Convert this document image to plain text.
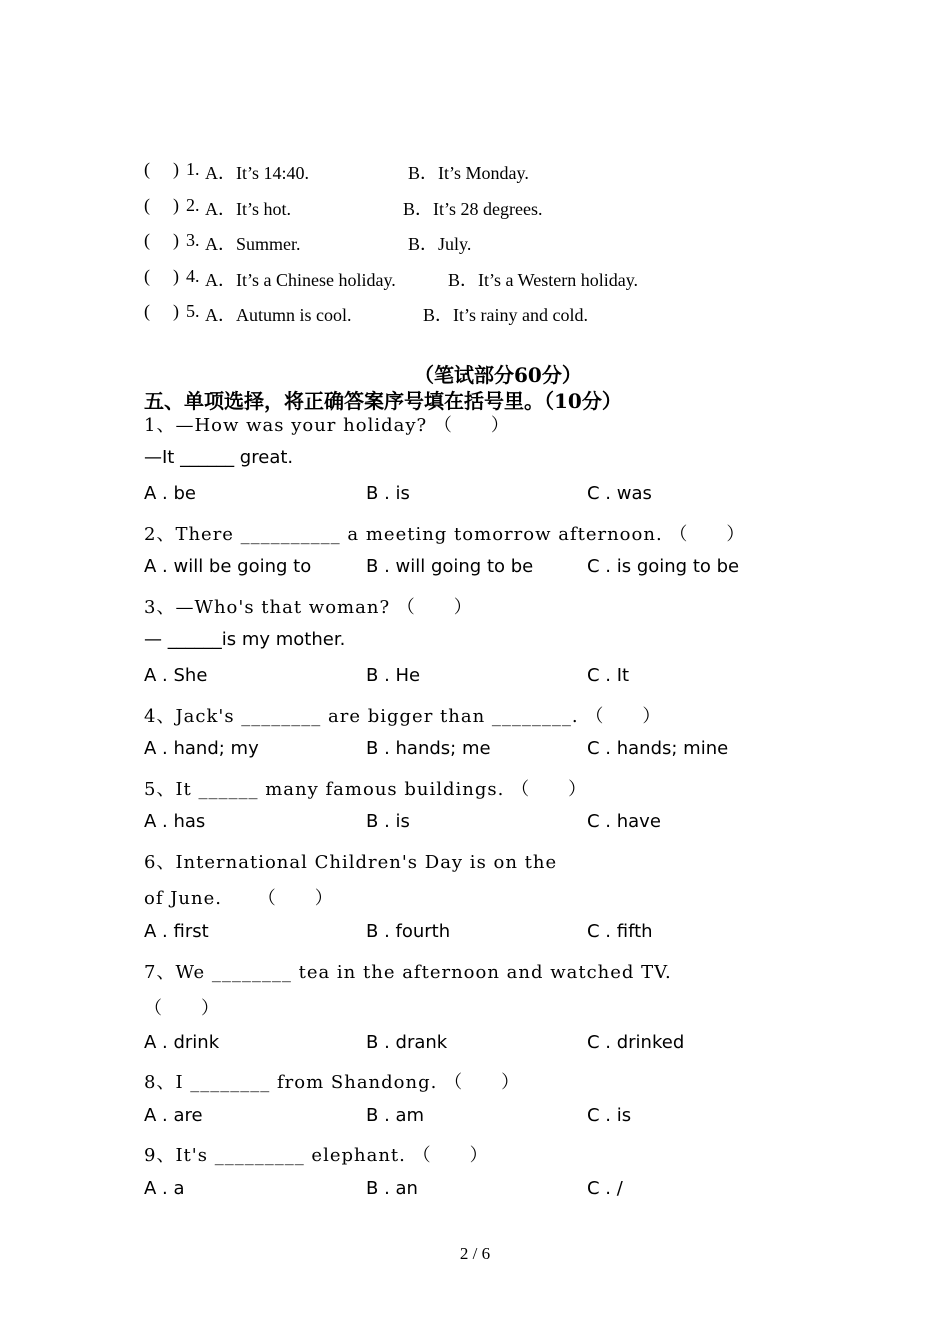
( ) 1. A．It’s 14:40.	B．It’s Monday.
( ) 2. A．It’s hot.	B．It’s 28 degrees.
( ) 3. A．Summer.	B．July.
( ) 4. A．It’s a Chinese holiday.	B．It’s a Western holiday.
( ) 5. A．Autumn is cool.	B．It’s rainy and cold.
（笔试部分60分）
五、单项选择，将正确答案序号填在括号里。（10分）
1、—How was your holiday? （　　）
—It ______ great.
A . be	B . is	C . was
2、There __________ a meeting tomorrow afternoon. （　　）
A . will be going to	B . will going to be	C . is going to be
3、—Who's that woman? （　　）
— ______is my mother.
A . She	B . He	C . It
4、Jack's ________ are bigger than ________. （　　）
A . hand; my	B . hands; me	C . hands; mine
5、It ______ many famous buildings. （　　）
A . has	B . is	C . have
6、International Children's Day is on the
of June. 　　（　　）
A . first	B . fourth	C . fifth
7、We ________ tea in the afternoon and watched TV.
（　　）
A . drink	B . drank	C . drinked
8、I ________ from Shandong. （　　）
A . are	B . am	C . is
9、It's _________ elephant. （　　）
A . a	B . an	C . /
2 / 6
